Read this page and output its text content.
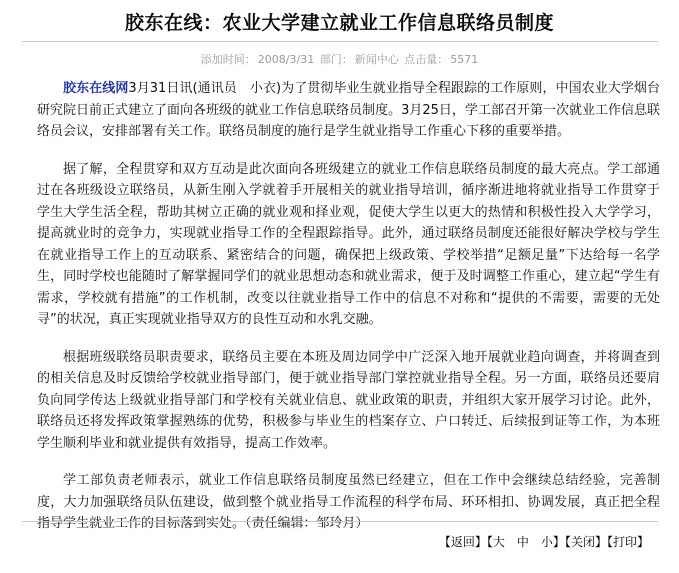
胶东在线：农业大学建立就业工作信息联络员制度
添加时间： 2008/3/31 部门： 新闻中心 点击量： 5571

  胶东在线网3月31日讯(通讯员　小衣)为了贯彻毕业生就业指导全程跟踪的工作原则，中国农业大学烟台研究院日前正式建立了面向各班级的就业工作信息联络员制度。3月25日，学工部召开第一次就业工作信息联络员会议，安排部署有关工作。联络员制度的施行是学生就业指导工作重心下移的重要举措。

据了解，全程贯穿和双方互动是此次面向各班级建立的就业工作信息联络员制度的最大亮点。学工部通过在各班级设立联络员，从新生刚入学就着手开展相关的就业指导培训，循序渐进地将就业指导工作贯穿于学生大学生活全程，帮助其树立正确的就业观和择业观，促使大学生以更大的热情和积极性投入大学学习，提高就业时的竞争力，实现就业指导工作的全程跟踪指导。此外，通过联络员制度还能很好解决学校与学生在就业指导工作上的互动联系、紧密结合的问题，确保把上级政策、学校举措“足额足量”下达给每一名学生，同时学校也能随时了解掌握同学们的就业思想动态和就业需求，便于及时调整工作重心，建立起“学生有需求，学校就有措施”的工作机制，改变以往就业指导工作中的信息不对称和“提供的不需要，需要的无处寻”的状况，真正实现就业指导双方的良性互动和水乳交融。

根据班级联络员职责要求，联络员主要在本班及周边同学中广泛深入地开展就业趋向调查，并将调查到的相关信息及时反馈给学校就业指导部门，便于就业指导部门掌控就业指导全程。另一方面，联络员还要肩负向同学传达上级就业指导部门和学校有关就业信息、就业政策的职责，并组织大家开展学习讨论。此外，联络员还将发挥政策掌握熟练的优势，积极参与毕业生的档案存立、户口转迁、后续报到证等工作，为本班学生顺利毕业和就业提供有效指导，提高工作效率。

学工部负责老师表示，就业工作信息联络员制度虽然已经建立，但在工作中会继续总结经验，完善制度，大力加强联络员队伍建设，做到整个就业指导工作流程的科学布局、环环相扣、协调发展，真正把全程指导学生就业工作的目标落到实处。（责任编辑：邹玲月）

【返回】【大  中  小】【关闭】【打印】
